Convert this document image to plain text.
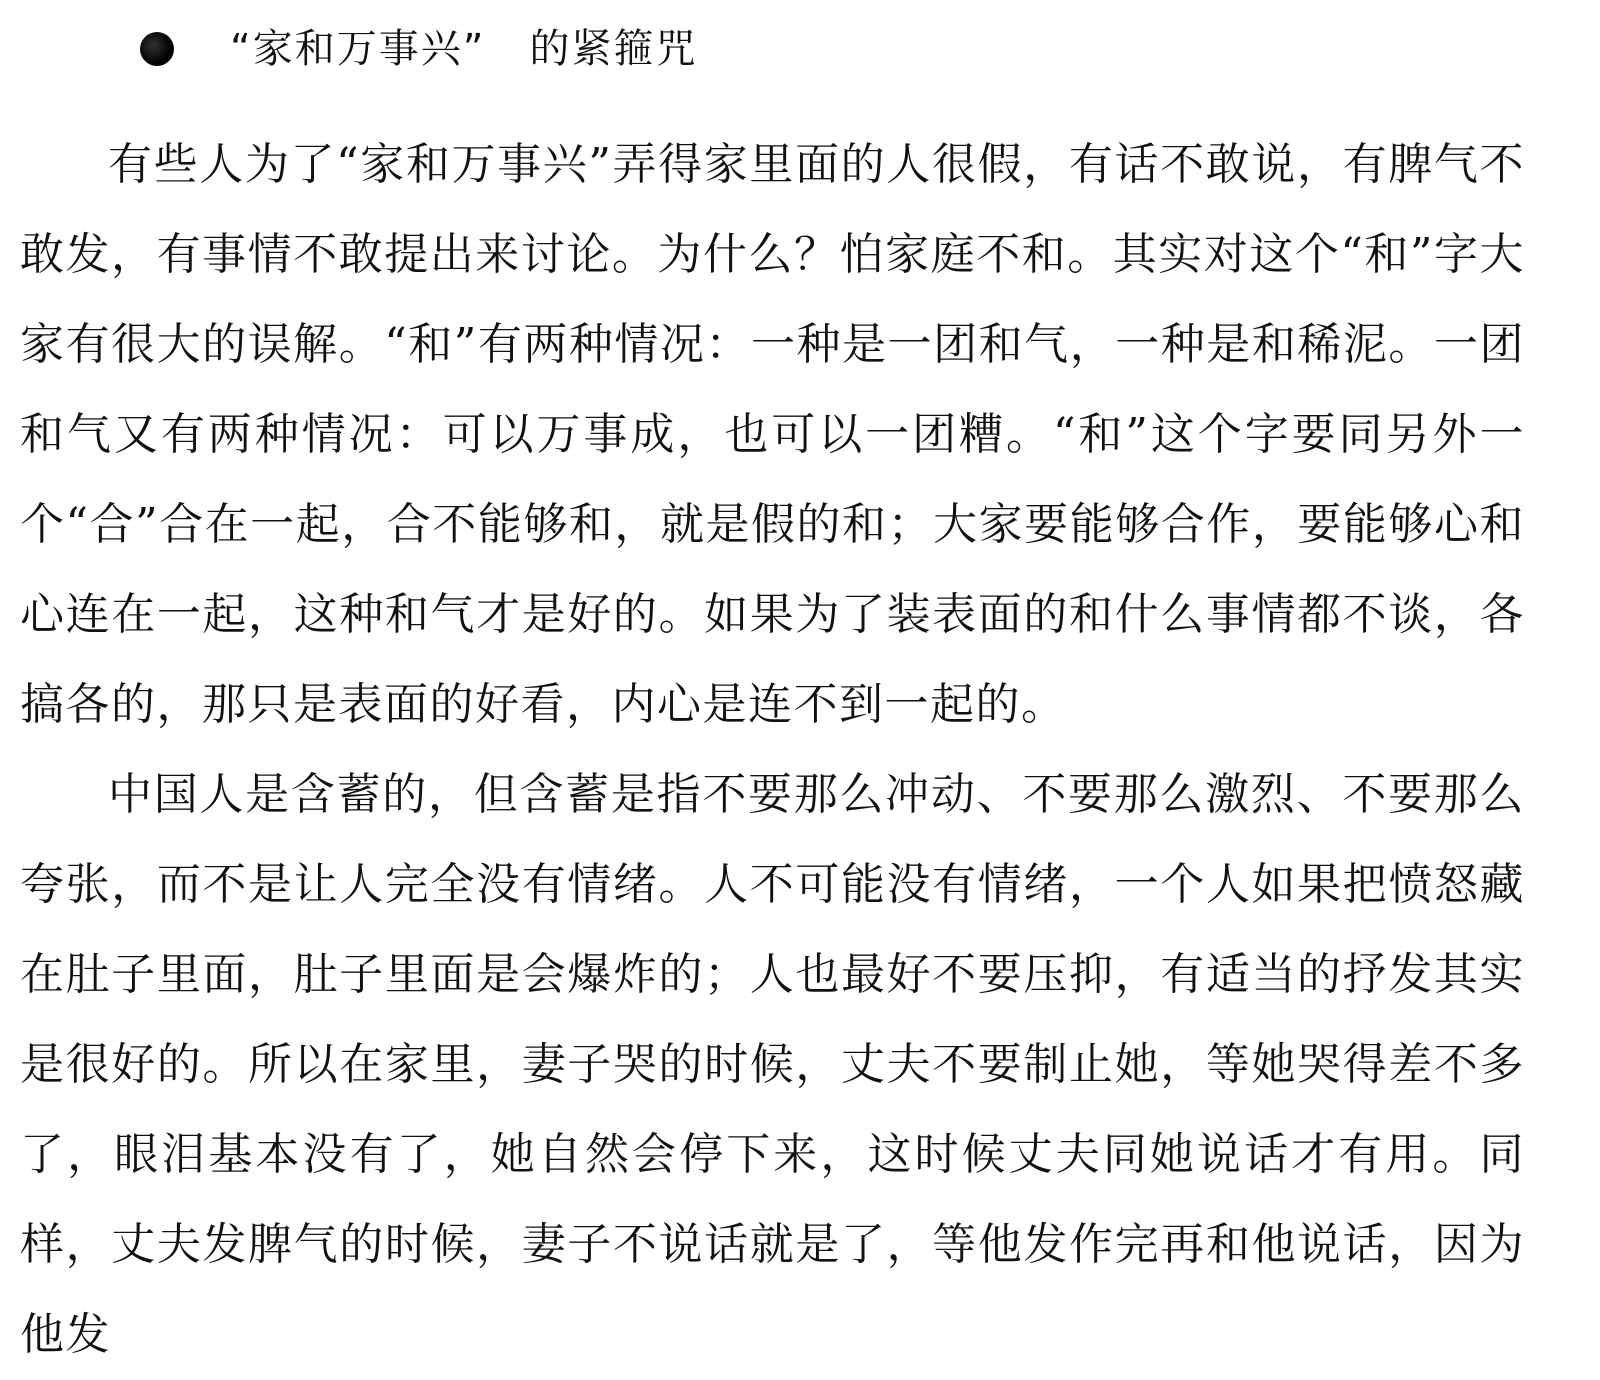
“家和万事兴” 的紧箍咒

有些人为了“家和万事兴”弄得家里面的人很假，有话不敢说，有脾气不敢发，有事情不敢提出来讨论。为什么？怕家庭不和。其实对这个“和”字大家有很大的误解。“和”有两种情况：一种是一团和气，一种是和稀泥。一团和气又有两种情况：可以万事成，也可以一团糟。“和”这个字要同另外一个“合”合在一起，合不能够和，就是假的和；大家要能够合作，要能够心和心连在一起，这种和气才是好的。如果为了装表面的和什么事情都不谈，各搞各的，那只是表面的好看，内心是连不到一起的。

中国人是含蓄的，但含蓄是指不要那么冲动、不要那么激烈、不要那么夸张，而不是让人完全没有情绪。人不可能没有情绪，一个人如果把愤怒藏在肚子里面，肚子里面是会爆炸的；人也最好不要压抑，有适当的抒发其实是很好的。所以在家里，妻子哭的时候，丈夫不要制止她，等她哭得差不多了，眼泪基本没有了，她自然会停下来，这时候丈夫同她说话才有用。同样，丈夫发脾气的时候，妻子不说话就是了，等他发作完再和他说话，因为他发
